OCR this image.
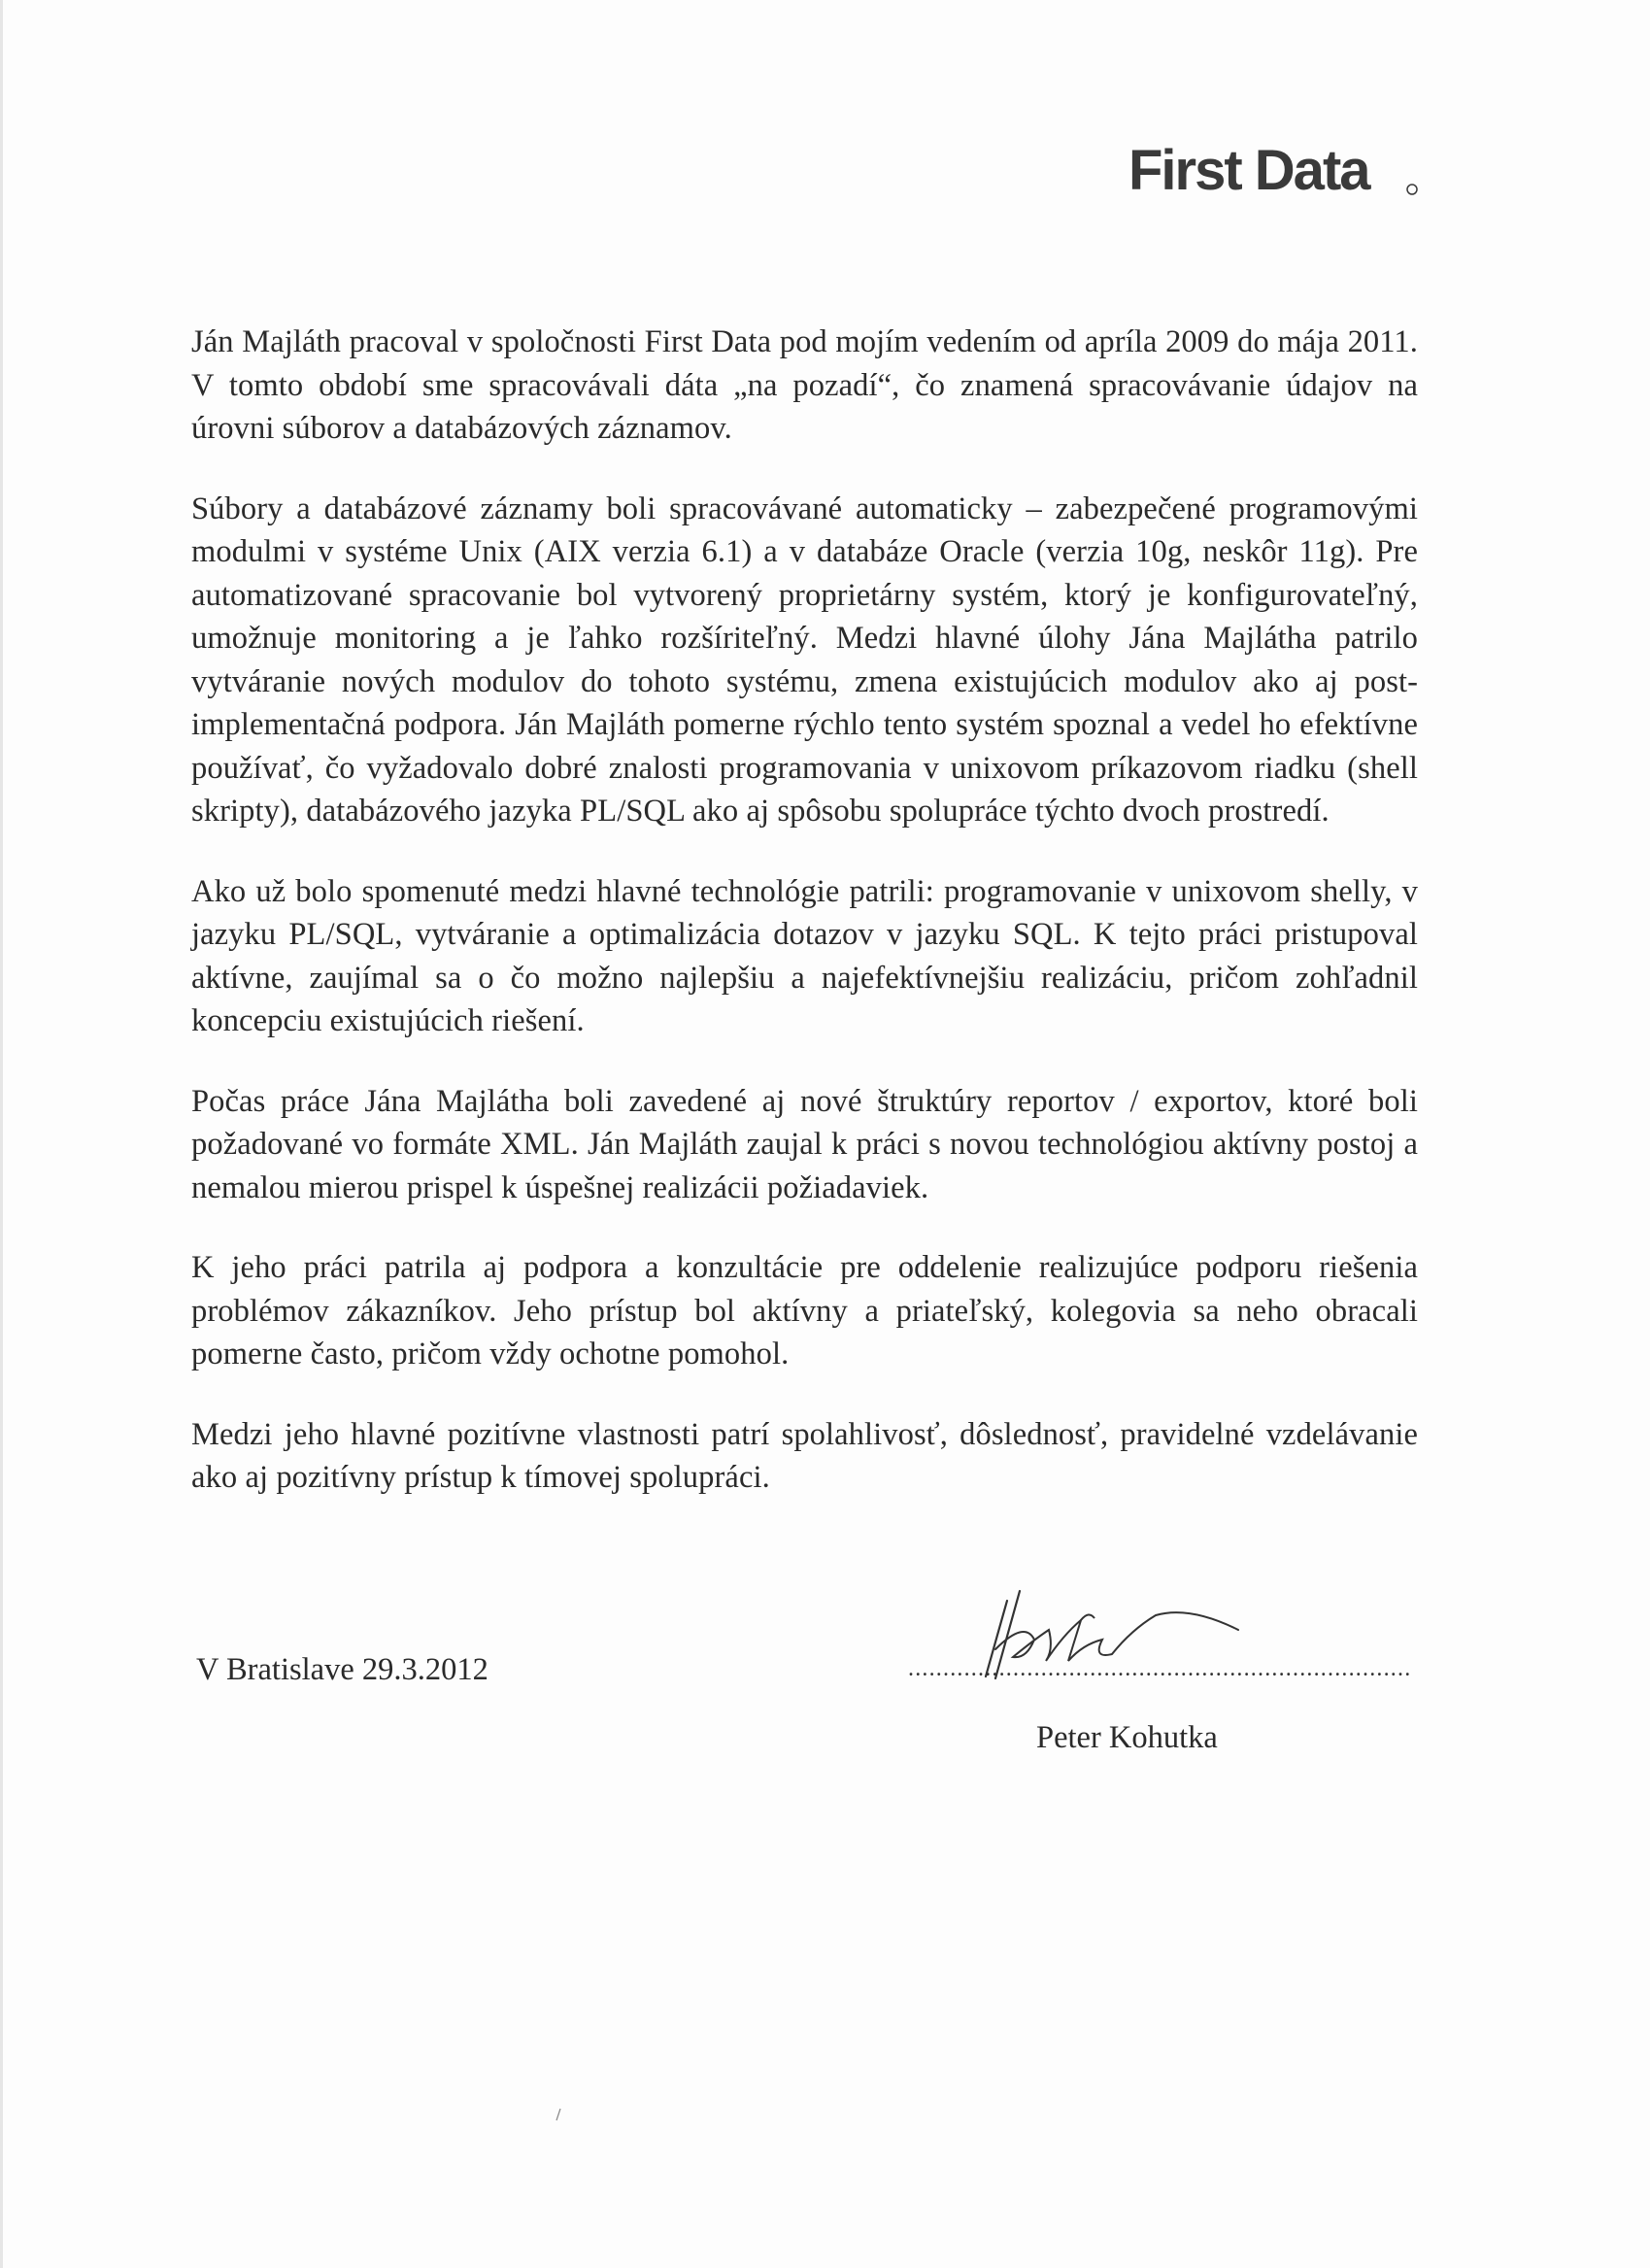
First Data

Ján Majláth pracoval v spoločnosti First Data pod mojím vedením od apríla 2009 do mája 2011. V tomto období sme spracovávali dáta „na pozadí“, čo znamená spracovávanie údajov na úrovni súborov a databázových záznamov.

Súbory a databázové záznamy boli spracovávané automaticky – zabezpečené programovými modulmi v systéme Unix (AIX verzia 6.1) a v databáze Oracle (verzia 10g, neskôr 11g). Pre automatizované spracovanie bol vytvorený proprietárny systém, ktorý je konfigurovateľný, umožnuje monitoring a je ľahko rozšíriteľný. Medzi hlavné úlohy Jána Majlátha patrilo vytváranie nových modulov do tohoto systému, zmena existujúcich modulov ako aj post-implementačná podpora. Ján Majláth pomerne rýchlo tento systém spoznal a vedel ho efektívne používať, čo vyžadovalo dobré znalosti programovania v unixovom príkazovom riadku (shell skripty), databázového jazyka PL/SQL ako aj spôsobu spolupráce týchto dvoch prostredí.

Ako už bolo spomenuté medzi hlavné technológie patrili: programovanie v unixovom shelly, v jazyku PL/SQL, vytváranie a optimalizácia dotazov v jazyku SQL. K tejto práci pristupoval aktívne, zaujímal sa o čo možno najlepšiu a najefektívnejšiu realizáciu, pričom zohľadnil koncepciu existujúcich riešení.

Počas práce Jána Majlátha boli zavedené aj nové štruktúry reportov / exportov, ktoré boli požadované vo formáte XML. Ján Majláth zaujal k práci s novou technológiou aktívny postoj a nemalou mierou prispel k úspešnej realizácii požiadaviek.

K jeho práci patrila aj podpora a konzultácie pre oddelenie realizujúce podporu riešenia problémov zákazníkov. Jeho prístup bol aktívny a priateľský, kolegovia sa neho obracali pomerne často, pričom vždy ochotne pomohol.

Medzi jeho hlavné pozitívne vlastnosti patrí spolahlivosť, dôslednosť, pravidelné vzdelávanie ako aj pozitívny prístup k tímovej spolupráci.

V Bratislave 29.3.2012	........................................................................
Peter Kohutka
